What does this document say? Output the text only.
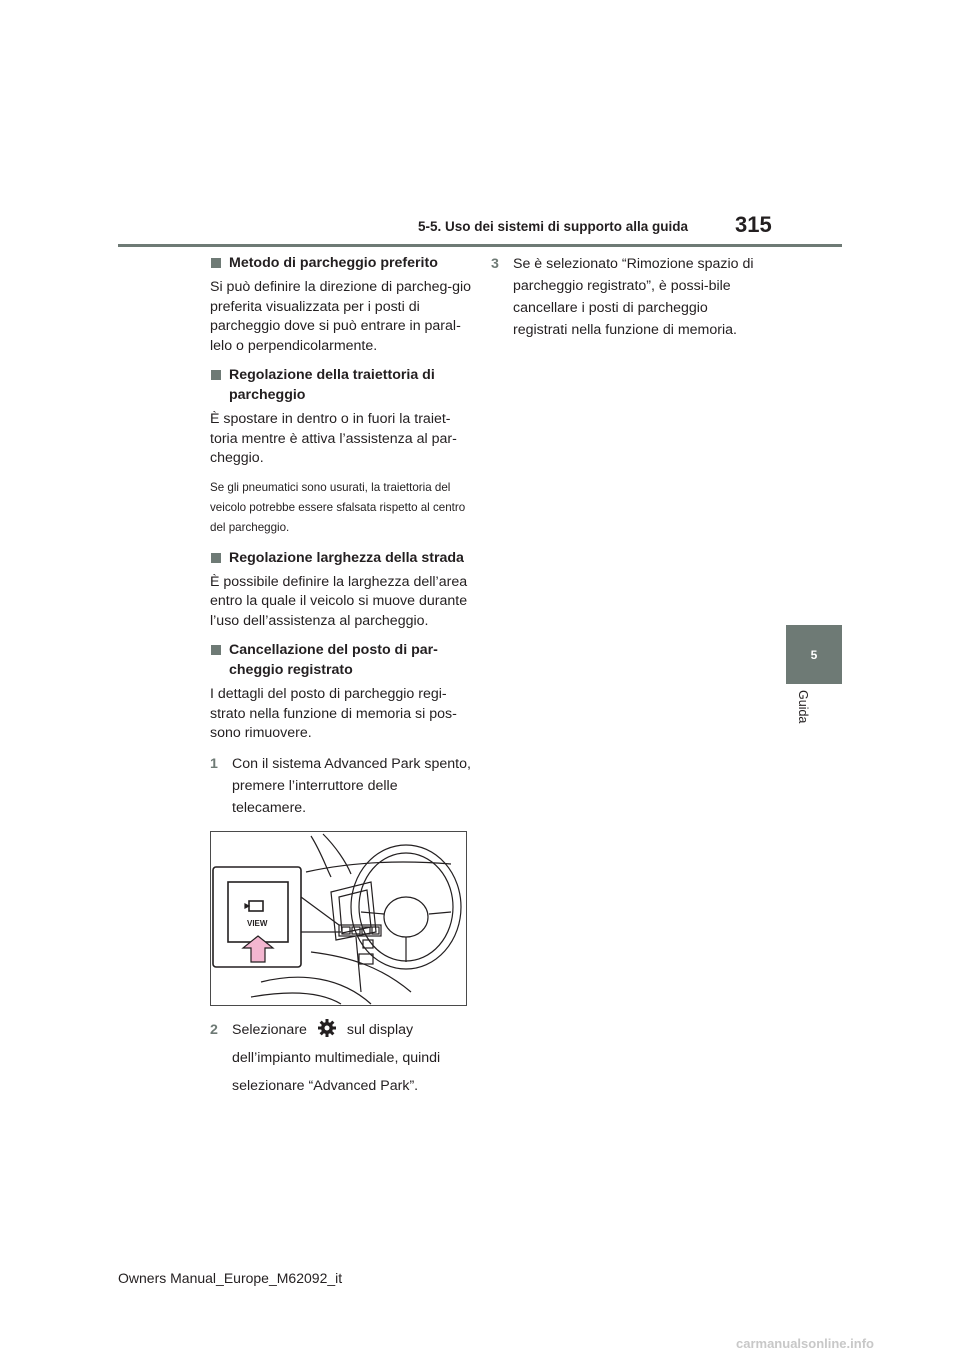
5-5. Uso dei sistemi di supporto alla guida	315
5
Guida
Metodo di parcheggio preferito

Si può definire la direzione di parcheg-gio preferita visualizzata per i posti di parcheggio dove si può entrare in paral-lelo o perpendicolarmente.

Regolazione della traiettoria di parcheggio

È spostare in dentro o in fuori la traiet-toria mentre è attiva l’assistenza al par-cheggio.

Se gli pneumatici sono usurati, la traiettoria del veicolo potrebbe essere sfalsata rispetto al centro del parcheggio.

Regolazione larghezza della strada

È possibile definire la larghezza dell’area entro la quale il veicolo si muove durante l’uso dell’assistenza al parcheggio.

Cancellazione del posto di par-cheggio registrato

I dettagli del posto di parcheggio regi-strato nella funzione di memoria si pos-sono rimuovere.

1 Con il sistema Advanced Park spento, premere l’interruttore delle telecamere.
VIEW
2 Selezionare	sul display dell’impianto multimediale, quindi selezionare “Advanced Park”.
3 Se è selezionato “Rimozione spazio di parcheggio registrato”, è possi-bile cancellare i posti di parcheggio registrati nella funzione di memoria.
Owners Manual_Europe_M62092_it
carmanualsonline.info
